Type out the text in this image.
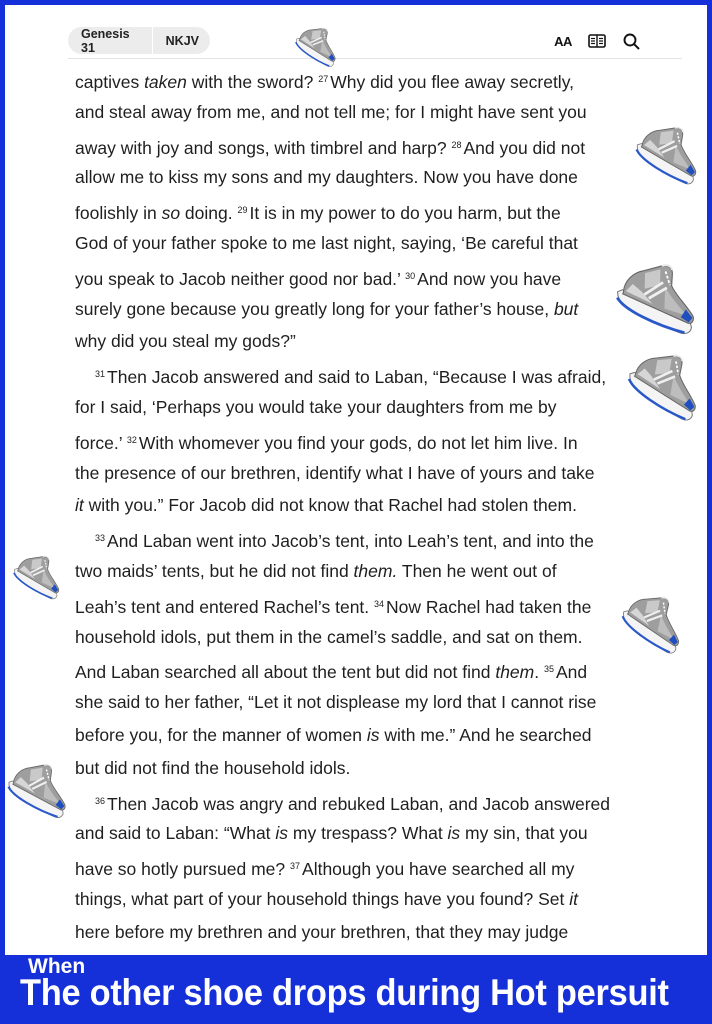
Genesis 31	NKJV	AA
captives taken with the sword? $^{27}$ Why did you flee away secretly,
and steal away from me, and not tell me; for I might have sent you
away with joy and songs, with timbrel and harp? $^{28}$ And you did not
allow me to kiss my sons and my daughters. Now you have done
foolishly in so doing. $^{29}$ It is in my power to do you harm, but the
God of your father spoke to me last night, saying, ‘Be careful that
you speak to Jacob neither good nor bad.’ $^{30}$ And now you have
surely gone because you greatly long for your father’s house, but
why did you steal my gods?”
$^{31}$ Then Jacob answered and said to Laban, “Because I was afraid,
for I said, ‘Perhaps you would take your daughters from me by
force.’ $^{32}$ With whomever you find your gods, do not let him live. In
the presence of our brethren, identify what I have of yours and take
it with you.” For Jacob did not know that Rachel had stolen them.
$^{33}$ And Laban went into Jacob’s tent, into Leah’s tent, and into the
two maids’ tents, but he did not find them. Then he went out of
Leah’s tent and entered Rachel’s tent. $^{34}$ Now Rachel had taken the
household idols, put them in the camel’s saddle, and sat on them.
And Laban searched all about the tent but did not find them. $^{35}$ And
she said to her father, “Let it not displease my lord that I cannot rise
before you, for the manner of women is with me.” And he searched
but did not find the household idols.
$^{36}$ Then Jacob was angry and rebuked Laban, and Jacob answered
and said to Laban: “What is my trespass? What is my sin, that you
have so hotly pursued me? $^{37}$ Although you have searched all my
things, what part of your household things have you found? Set it
here before my brethren and your brethren, that they may judge
When
The other shoe drops during Hot persuit
